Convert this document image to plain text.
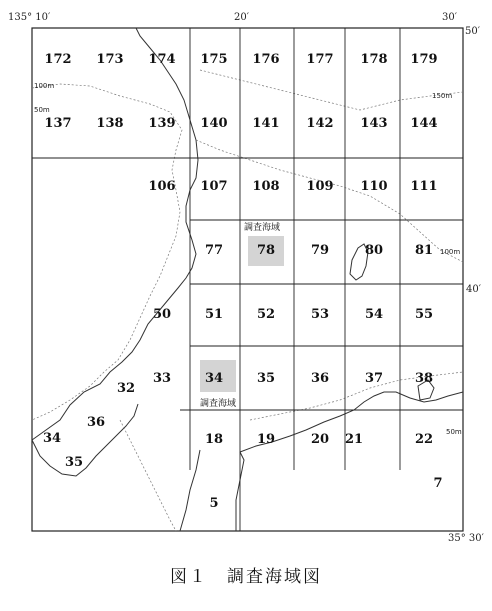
135° 10′	20′	30′
50′
40′
35° 30′
172 173 174 175 176 177 178 179
137 138 139 140 141 142 143 144
106 107 108 109 110 111
77	78	79	80 81
50	51	52	53	54 55
33	34	35	36	37 38
18	19	20 21	22
32
34
35
36
5
7
100m
150m
50m
100m
50m
調査海域
調査海域
図１　調査海域図
